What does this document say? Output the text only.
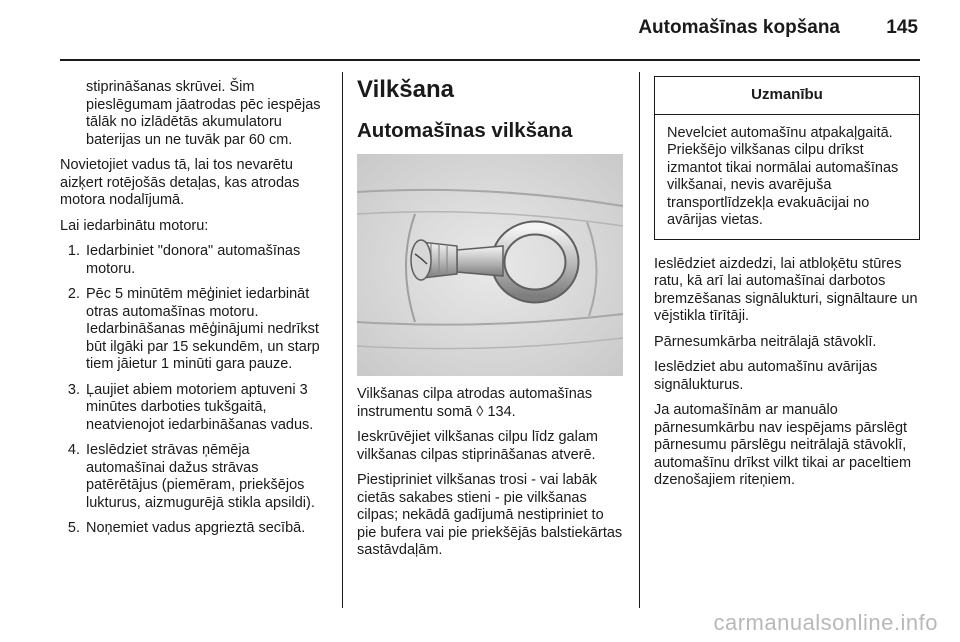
Automašīnas kopšana 145

stiprināšanas skrūvei. Šim pieslēgumam jāatrodas pēc iespējas tālāk no izlādētās akumulatoru baterijas un ne tuvāk par 60 cm.

Novietojiet vadus tā, lai tos nevarētu aizķert rotējošās detaļas, kas atrodas motora nodalījumā.

Lai iedarbinātu motoru:

1. Iedarbiniet "donora" automašīnas motoru.
2. Pēc 5 minūtēm mēģiniet iedarbināt otras automašīnas motoru. Iedarbināšanas mēģinājumi nedrīkst būt ilgāki par 15 sekundēm, un starp tiem jāietur 1 minūti gara pauze.
3. Ļaujiet abiem motoriem aptuveni 3 minūtes darboties tukšgaitā, neatvienojot iedarbināšanas vadus.
4. Ieslēdziet strāvas ņēmēja automašīnai dažus strāvas patērētājus (piemēram, priekšējos lukturus, aizmugurējā stikla apsildi).
5. Noņemiet vadus apgrieztā secībā.
Vilkšana
Automašīnas vilkšana

Vilkšanas cilpa atrodas automašīnas instrumentu somā ◊ 134.

Ieskrūvējiet vilkšanas cilpu līdz galam vilkšanas cilpas stiprināšanas atverē.

Piestipriniet vilkšanas trosi - vai labāk cietās sakabes stieni - pie vilkšanas cilpas; nekādā gadījumā nestipriniet to pie bufera vai pie priekšējās balstiekārtas sastāvdaļām.

Uzmanību
Nevelciet automašīnu atpakaļgaitā. Priekšējo vilkšanas cilpu drīkst izmantot tikai normālai automašīnas vilkšanai, nevis avarējuša transportlīdzekļa evakuācijai no avārijas vietas.

Ieslēdziet aizdedzi, lai atbloķētu stūres ratu, kā arī lai automašīnai darbotos bremzēšanas signālukturi, signāltaure un vējstikla tīrītāji.

Pārnesumkārba neitrālajā stāvoklī.

Ieslēdziet abu automašīnu avārijas signālukturus.

Ja automašīnām ar manuālo pārnesumkārbu nav iespējams pārslēgt pārnesumu pārslēgu neitrālajā stāvoklī, automašīnu drīkst vilkt tikai ar paceltiem dzenošajiem riteņiem.

carmanualsonline.info
